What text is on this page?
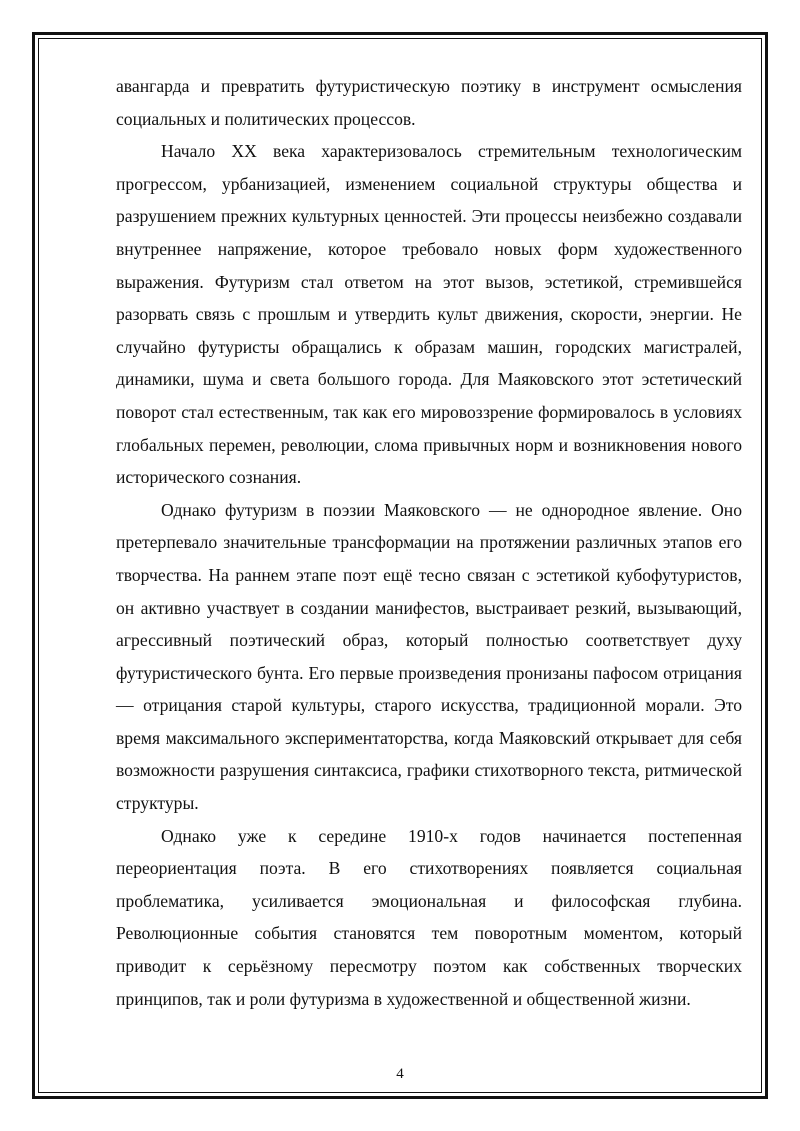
авангарда и превратить футуристическую поэтику в инструмент осмысления социальных и политических процессов.

Начало XX века характеризовалось стремительным технологическим прогрессом, урбанизацией, изменением социальной структуры общества и разрушением прежних культурных ценностей. Эти процессы неизбежно создавали внутреннее напряжение, которое требовало новых форм художественного выражения. Футуризм стал ответом на этот вызов, эстетикой, стремившейся разорвать связь с прошлым и утвердить культ движения, скорости, энергии. Не случайно футуристы обращались к образам машин, городских магистралей, динамики, шума и света большого города. Для Маяковского этот эстетический поворот стал естественным, так как его мировоззрение формировалось в условиях глобальных перемен, революции, слома привычных норм и возникновения нового исторического сознания.

Однако футуризм в поэзии Маяковского — не однородное явление. Оно претерпевало значительные трансформации на протяжении различных этапов его творчества. На раннем этапе поэт ещё тесно связан с эстетикой кубофутуристов, он активно участвует в создании манифестов, выстраивает резкий, вызывающий, агрессивный поэтический образ, который полностью соответствует духу футуристического бунта. Его первые произведения пронизаны пафосом отрицания — отрицания старой культуры, старого искусства, традиционной морали. Это время максимального экспериментаторства, когда Маяковский открывает для себя возможности разрушения синтаксиса, графики стихотворного текста, ритмической структуры.

Однако уже к середине 1910-х годов начинается постепенная переориентация поэта. В его стихотворениях появляется социальная проблематика, усиливается эмоциональная и философская глубина. Революционные события становятся тем поворотным моментом, который приводит к серьёзному пересмотру поэтом как собственных творческих принципов, так и роли футуризма в художественной и общественной жизни.

4
